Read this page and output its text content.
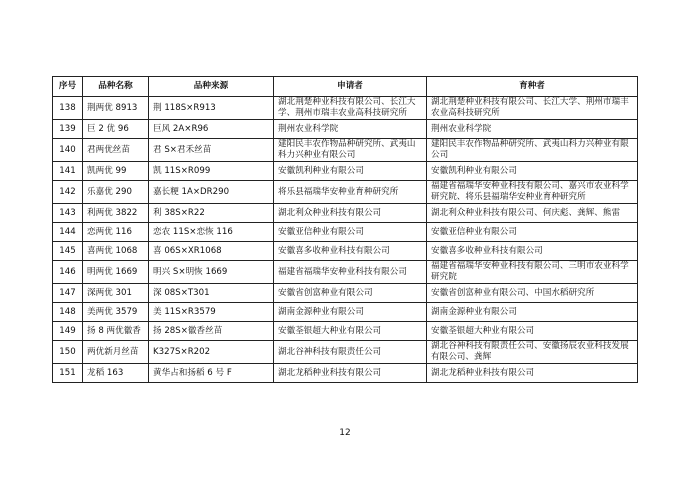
序号	品种名称	品种来源	申请者	育种者
138	荆两优 8913	荆 118S×R913	湖北荆楚种业科技有限公司、长江大学、荆州市瑞丰农业高科技研究所	湖北荆楚种业科技有限公司、长江大学、荆州市瑞丰农业高科技研究所
139	巨 2 优 96	巨风 2A×R96	荆州农业科学院	荆州农业科学院
140	君两优丝苗	君 S×君禾丝苗	建阳民丰农作物品种研究所、武夷山科力兴种业有限公司	建阳民丰农作物品种研究所、武夷山科力兴种业有限公司
141	凯两优 99	凯 11S×R099	安徽凯利种业有限公司	安徽凯利种业有限公司
142	乐嘉优 290	嘉长粳 1A×DR290	将乐县福瑞华安种业育种研究所	福建省福瑞华安种业科技有限公司、嘉兴市农业科学研究院、将乐县福瑞华安种业育种研究所
143	利两优 3822	利 38S×R22	湖北利众种业科技有限公司	湖北利众种业科技有限公司、何庆彪、龚辉、熊雷
144	恋两优 116	恋农 11S×恋恢 116	安徽亚信种业有限公司	安徽亚信种业有限公司
145	喜两优 1068	喜 06S×XR1068	安徽喜多收种业科技有限公司	安徽喜多收种业科技有限公司
146	明两优 1669	明兴 S×明恢 1669	福建省福瑞华安种业科技有限公司	福建省福瑞华安种业科技有限公司、三明市农业科学研究院
147	深两优 301	深 08S×T301	安徽省创富种业有限公司	安徽省创富种业有限公司、中国水稻研究所
148	美两优 3579	美 11S×R3579	湖南金源种业有限公司	湖南金源种业有限公司
149	扬 8 两优徽香	扬 28S×徽香丝苗	安徽荃银超大种业有限公司	安徽荃银超大种业有限公司
150	两优新月丝苗	K327S×R202	湖北谷神科技有限责任公司	湖北谷神科技有限责任公司、安徽扬辰农业科技发展有限公司、龚辉
151	龙稻 163	黄华占和扬稻 6 号 F	湖北龙稻种业科技有限公司	湖北龙稻种业科技有限公司
12
